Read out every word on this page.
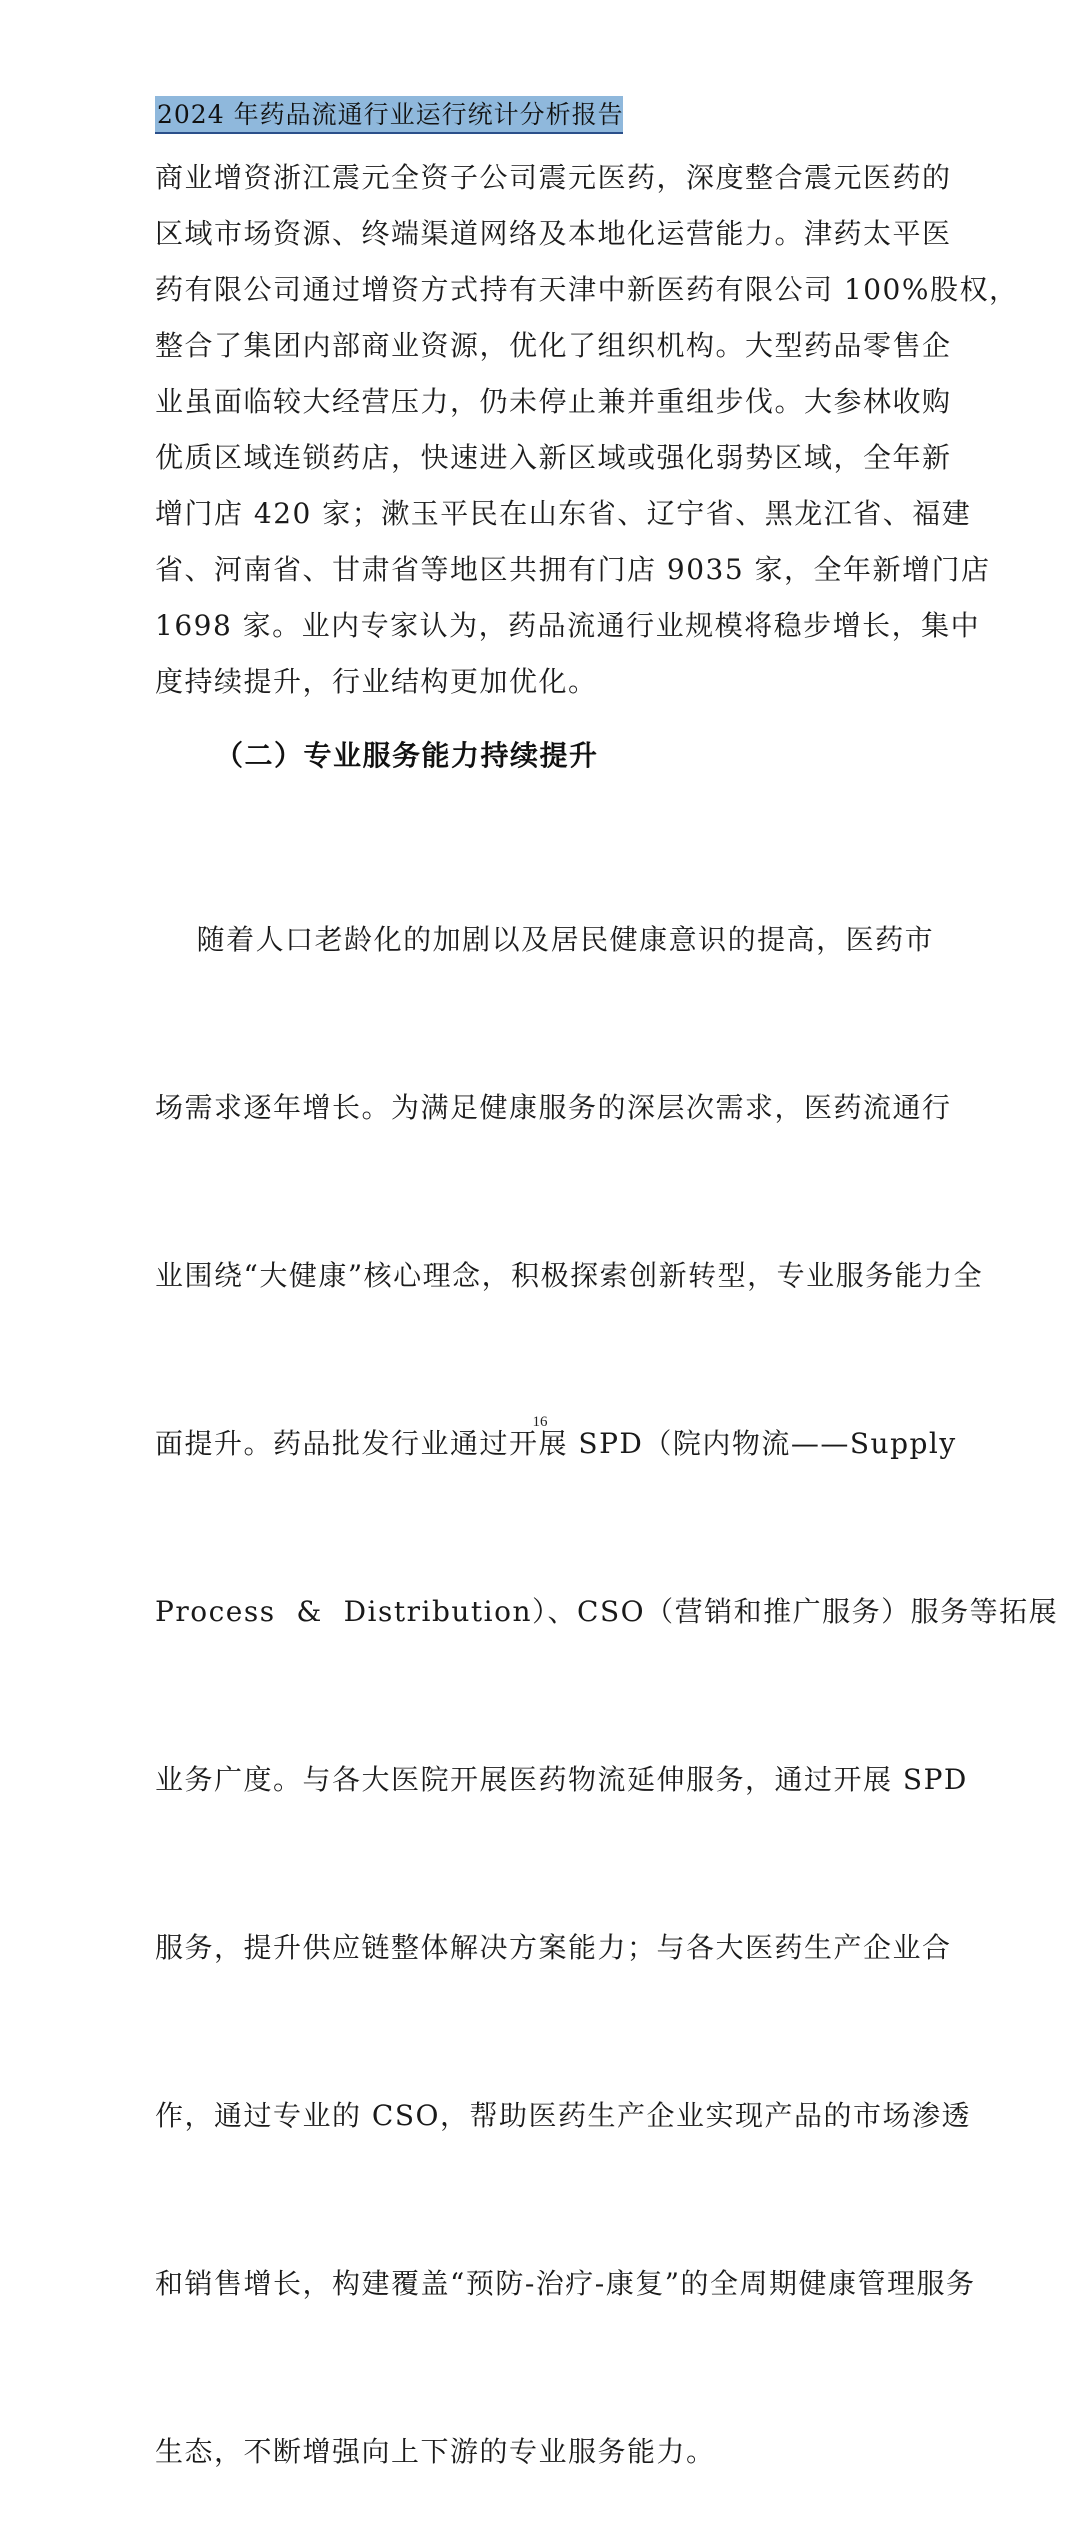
2024 年药品流通行业运行统计分析报告
商业增资浙江震元全资子公司震元医药，深度整合震元医药的
区域市场资源、终端渠道网络及本地化运营能力。津药太平医
药有限公司通过增资方式持有天津中新医药有限公司 100%股权，
整合了集团内部商业资源，优化了组织机构。大型药品零售企
业虽面临较大经营压力，仍未停止兼并重组步伐。大参林收购
优质区域连锁药店，快速进入新区域或强化弱势区域，全年新
增门店 420 家；漱玉平民在山东省、辽宁省、黑龙江省、福建
省、河南省、甘肃省等地区共拥有门店 9035 家，全年新增门店
1698 家。业内专家认为，药品流通行业规模将稳步增长，集中
度持续提升，行业结构更加优化。
（二）专业服务能力持续提升

随着人口老龄化的加剧以及居民健康意识的提高，医药市

场需求逐年增长。为满足健康服务的深层次需求，医药流通行

业围绕“大健康”核心理念，积极探索创新转型，专业服务能力全

面提升。药品批发行业通过开展 SPD（院内物流——Supply

Process  &  Distribution）、CSO（营销和推广服务）服务等拓展

业务广度。与各大医院开展医药物流延伸服务，通过开展 SPD

服务，提升供应链整体解决方案能力；与各大医药生产企业合

作，通过专业的 CSO，帮助医药生产企业实现产品的市场渗透

和销售增长，构建覆盖“预防-治疗-康复”的全周期健康管理服务

生态，不断增强向上下游的专业服务能力。

16
